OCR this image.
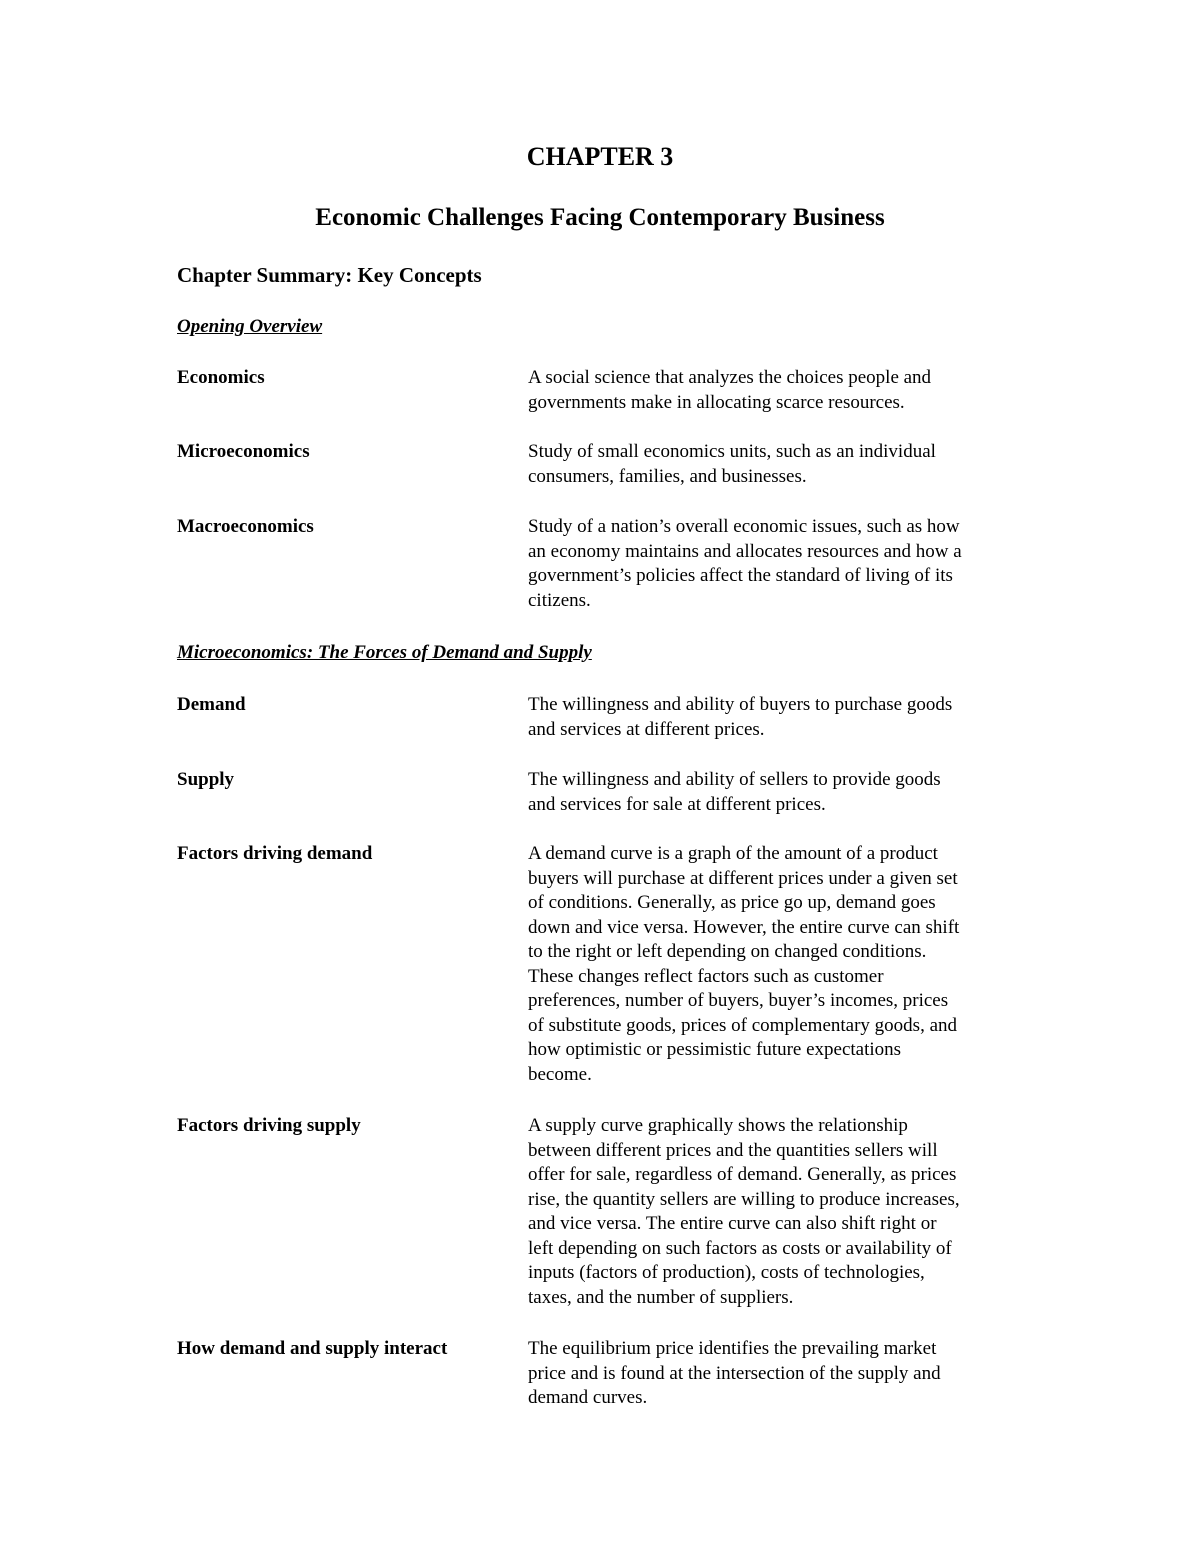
CHAPTER 3
Economic Challenges Facing Contemporary Business
Chapter Summary: Key Concepts
Opening Overview
Economics	A social science that analyzes the choices people and
governments make in allocating scarce resources.
Microeconomics	Study of small economics units, such as an individual
consumers, families, and businesses.
Macroeconomics	Study of a nation’s overall economic issues, such as how
an economy maintains and allocates resources and how a
government’s policies affect the standard of living of its
citizens.
Microeconomics: The Forces of Demand and Supply
Demand	The willingness and ability of buyers to purchase goods
and services at different prices.
Supply	The willingness and ability of sellers to provide goods
and services for sale at different prices.
Factors driving demand	A demand curve is a graph of the amount of a product
buyers will purchase at different prices under a given set
of conditions. Generally, as price go up, demand goes
down and vice versa. However, the entire curve can shift
to the right or left depending on changed conditions.
These changes reflect factors such as customer
preferences, number of buyers, buyer’s incomes, prices
of substitute goods, prices of complementary goods, and
how optimistic or pessimistic future expectations
become.
Factors driving supply	A supply curve graphically shows the relationship
between different prices and the quantities sellers will
offer for sale, regardless of demand. Generally, as prices
rise, the quantity sellers are willing to produce increases,
and vice versa. The entire curve can also shift right or
left depending on such factors as costs or availability of
inputs (factors of production), costs of technologies,
taxes, and the number of suppliers.
How demand and supply interact	The equilibrium price identifies the prevailing market
price and is found at the intersection of the supply and
demand curves.
